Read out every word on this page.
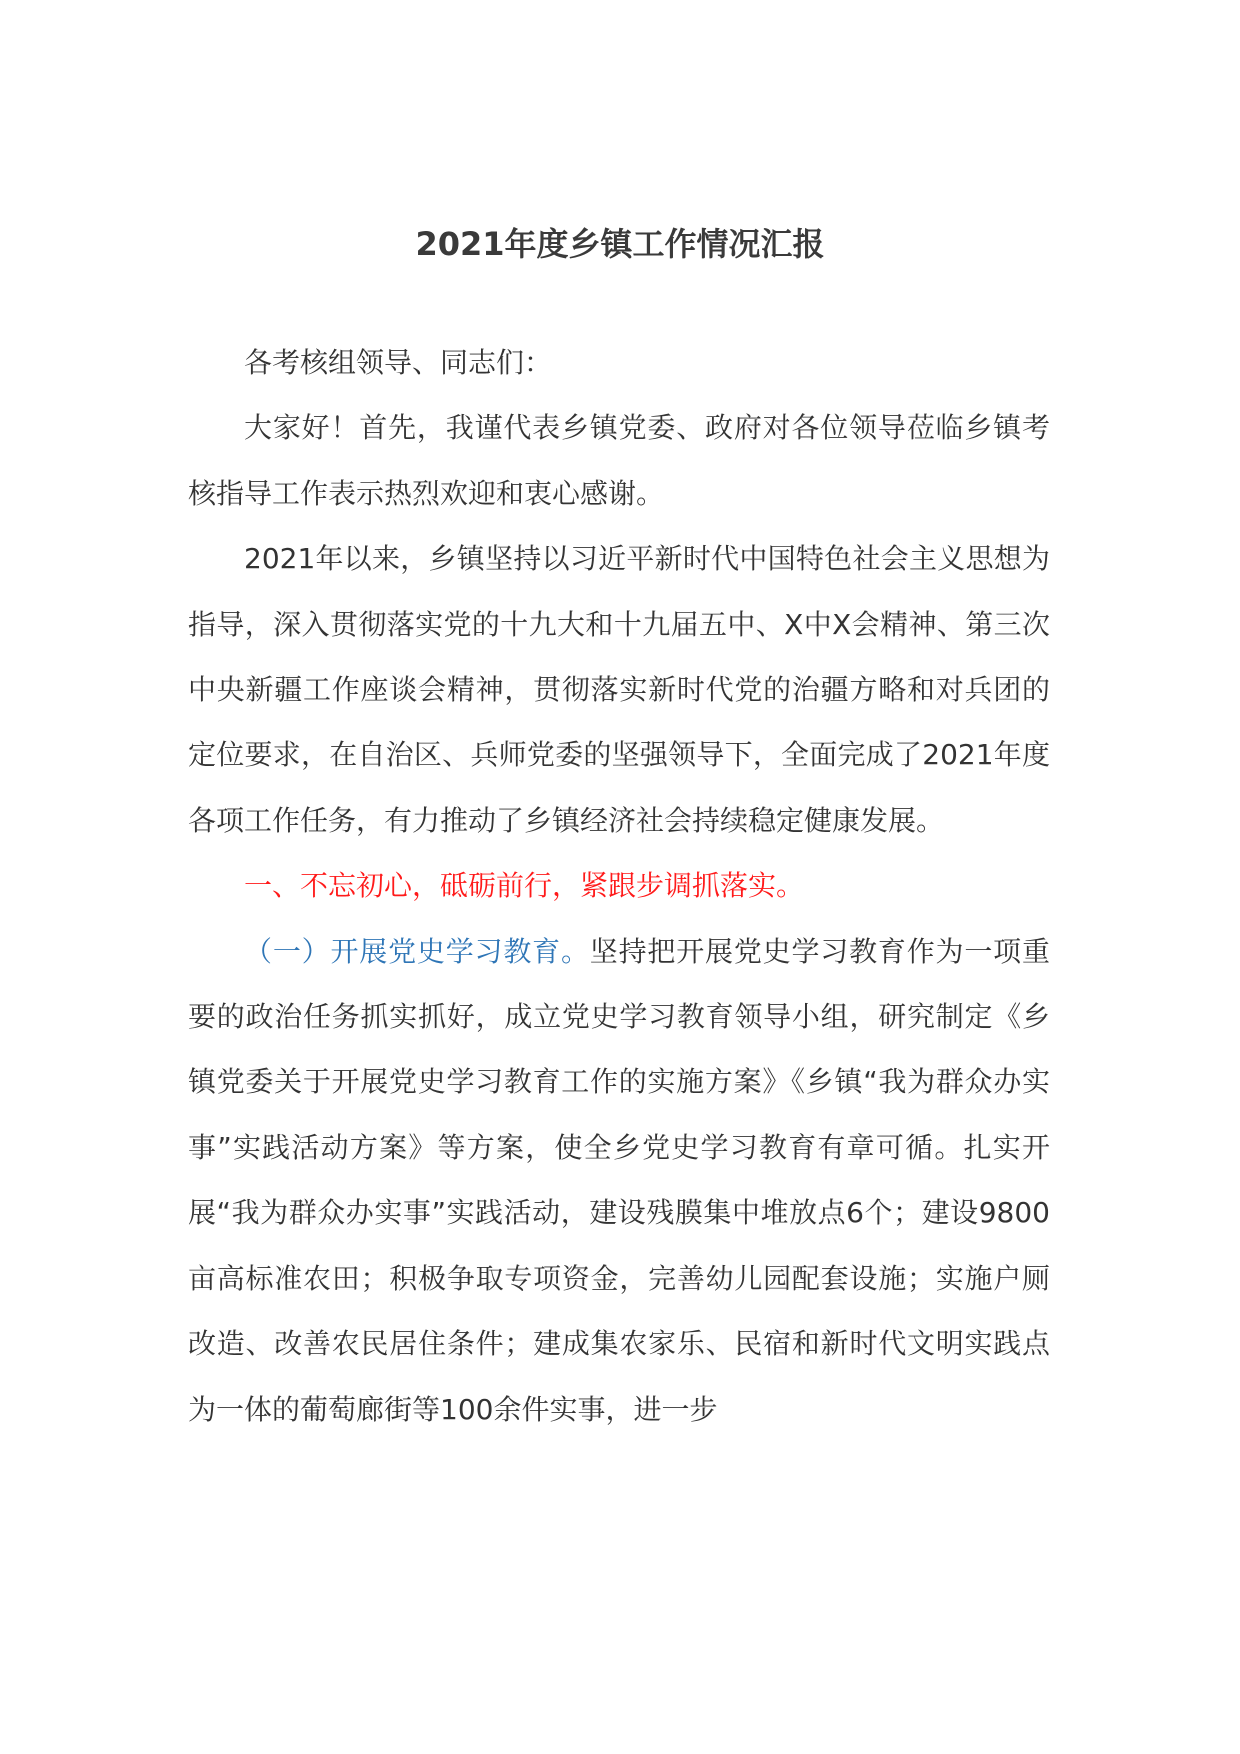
2021年度乡镇工作情况汇报

各考核组领导、同志们：

大家好！首先，我谨代表乡镇党委、政府对各位领导莅临乡镇考核指导工作表示热烈欢迎和衷心感谢。

2021年以来，乡镇坚持以习近平新时代中国特色社会主义思想为指导，深入贯彻落实党的十九大和十九届五中、X中X会精神、第三次中央新疆工作座谈会精神，贯彻落实新时代党的治疆方略和对兵团的定位要求，在自治区、兵师党委的坚强领导下，全面完成了2021年度各项工作任务，有力推动了乡镇经济社会持续稳定健康发展。

一、不忘初心，砥砺前行，紧跟步调抓落实。

（一）开展党史学习教育。坚持把开展党史学习教育作为一项重要的政治任务抓实抓好，成立党史学习教育领导小组，研究制定《乡镇党委关于开展党史学习教育工作的实施方案》《乡镇“我为群众办实事”实践活动方案》等方案，使全乡党史学习教育有章可循。扎实开展“我为群众办实事”实践活动，建设残膜集中堆放点6个；建设9800亩高标准农田；积极争取专项资金，完善幼儿园配套设施；实施户厕改造、改善农民居住条件；建成集农家乐、民宿和新时代文明实践点为一体的葡萄廊街等100余件实事，进一步
